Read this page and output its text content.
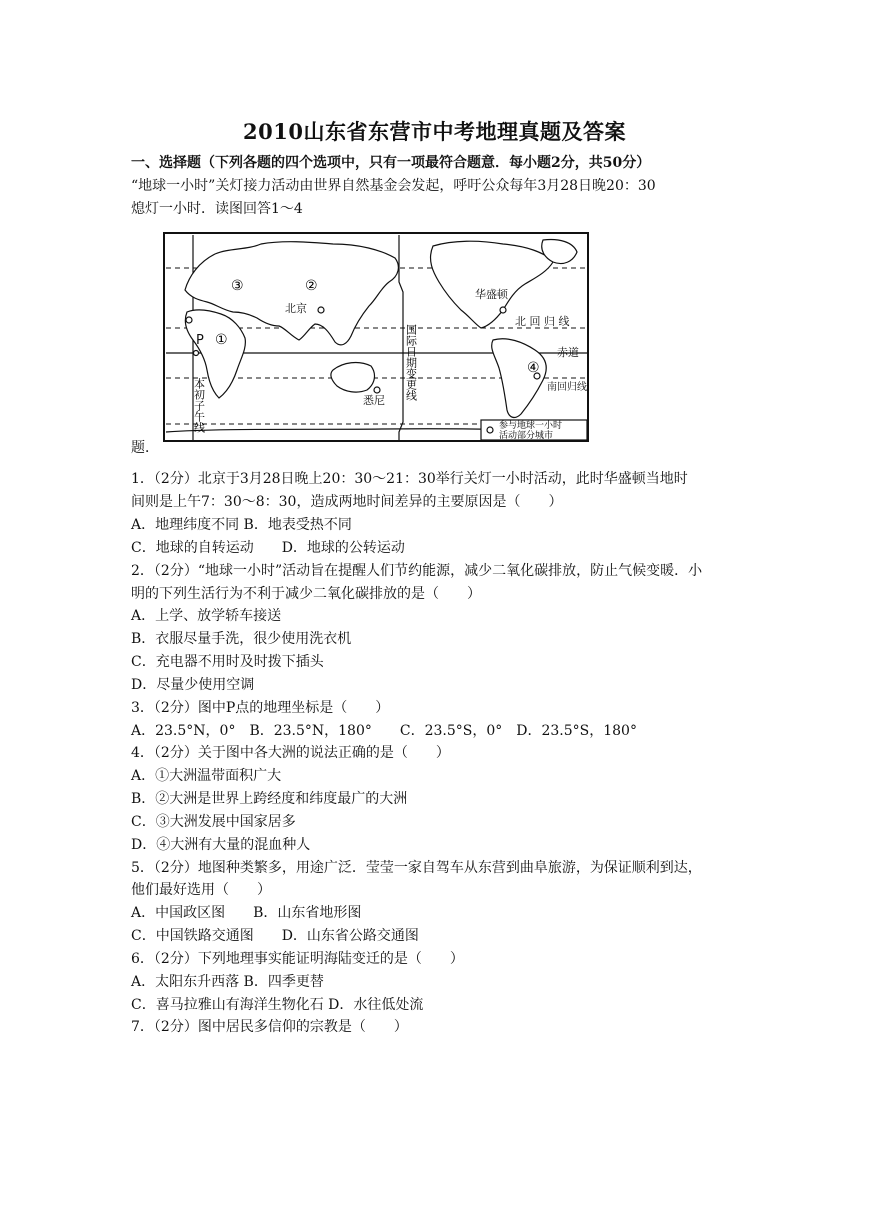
2010山东省东营市中考地理真题及答案
一、选择题（下列各题的四个选项中，只有一项最符合题意．每小题2分，共50分）
“地球一小时”关灯接力活动由世界自然基金会发起，呼吁公众每年3月28日晚20：30
熄灯一小时．读图回答1～4
③	②
①
④
P
北京
华盛顿
悉尼
北 回 归 线
赤道
南回归线
国际日期变更线
本初子午线	参与地球一小时
活动部分城市
题．
1．（2分）北京于3月28日晚上20：30～21：30举行关灯一小时活动，此时华盛顿当地时
间则是上午7：30～8：30，造成两地时间差异的主要原因是（　　）
A．地理纬度不同 B．地表受热不同
C．地球的自转运动　　D．地球的公转运动
2．（2分）“地球一小时”活动旨在提醒人们节约能源，减少二氧化碳排放，防止气候变暖．小
明的下列生活行为不利于减少二氧化碳排放的是（　　）
A．上学、放学轿车接送
B．衣服尽量手洗，很少使用洗衣机
C．充电器不用时及时拨下插头
D．尽量少使用空调
3．（2分）图中P点的地理坐标是（　　）
A．23.5°N，0°　B．23.5°N，180°　　C．23.5°S，0°　D．23.5°S，180°
4．（2分）关于图中各大洲的说法正确的是（　　）
A．①大洲温带面积广大
B．②大洲是世界上跨经度和纬度最广的大洲
C．③大洲发展中国家居多
D．④大洲有大量的混血种人
5．（2分）地图种类繁多，用途广泛．莹莹一家自驾车从东营到曲阜旅游，为保证顺利到达，
他们最好选用（　　）
A．中国政区图　　B．山东省地形图
C．中国铁路交通图　　D．山东省公路交通图
6．（2分）下列地理事实能证明海陆变迁的是（　　）
A．太阳东升西落 B．四季更替
C．喜马拉雅山有海洋生物化石 D．水往低处流
7．（2分）图中居民多信仰的宗教是（　　）
